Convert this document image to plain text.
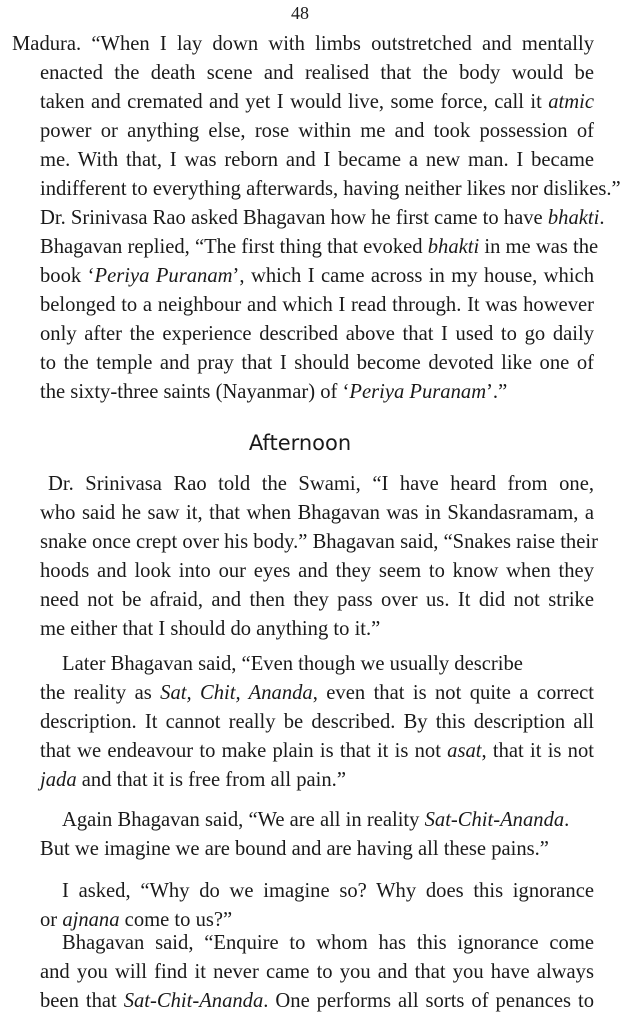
48
Madura. “When I lay down with limbs outstretched and mentally
enacted the death scene and realised that the body would be
taken and cremated and yet I would live, some force, call it atmic
power or anything else, rose within me and took possession of
me. With that, I was reborn and I became a new man. I became
indifferent to everything afterwards, having neither likes nor dislikes.”
Dr. Srinivasa Rao asked Bhagavan how he first came to have bhakti.
Bhagavan replied, “The first thing that evoked bhakti in me was the
book ‘Periya Puranam’, which I came across in my house, which
belonged to a neighbour and which I read through. It was however
only after the experience described above that I used to go daily
to the temple and pray that I should become devoted like one of
the sixty-three saints (Nayanmar) of ‘Periya Puranam’.”
Afternoon
Dr. Srinivasa Rao told the Swami, “I have heard from one,
who said he saw it, that when Bhagavan was in Skandasramam, a
snake once crept over his body.” Bhagavan said, “Snakes raise their
hoods and look into our eyes and they seem to know when they
need not be afraid, and then they pass over us. It did not strike
me either that I should do anything to it.”
Later Bhagavan said, “Even though we usually describe
the reality as Sat, Chit, Ananda, even that is not quite a correct
description. It cannot really be described. By this description all
that we endeavour to make plain is that it is not asat, that it is not
jada and that it is free from all pain.”
Again Bhagavan said, “We are all in reality Sat-Chit-Ananda.
But we imagine we are bound and are having all these pains.”
I asked, “Why do we imagine so? Why does this ignorance
or ajnana come to us?”
Bhagavan said, “Enquire to whom has this ignorance come
and you will find it never came to you and that you have always
been that Sat-Chit-Ananda. One performs all sorts of penances to
